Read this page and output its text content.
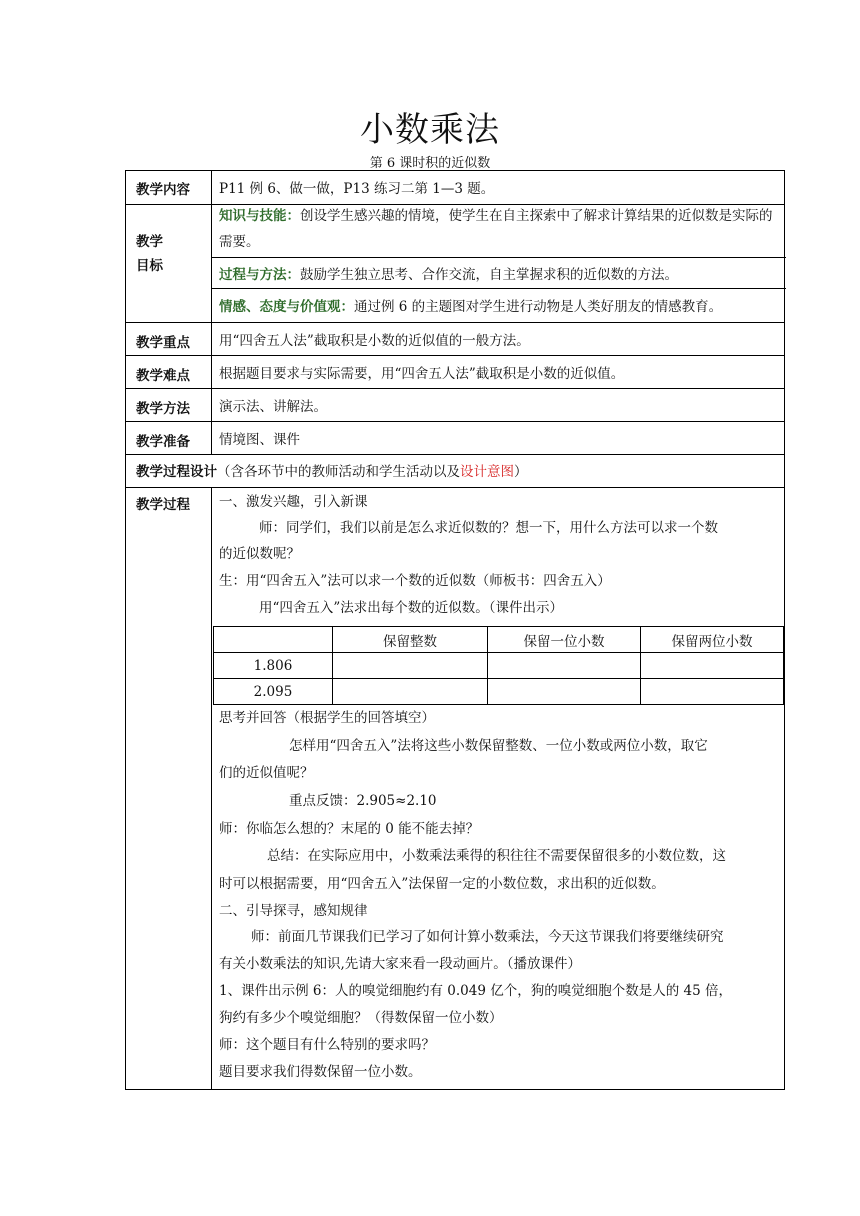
小数乘法
第 6 课时积的近似数
教学内容 P11 例 6、做一做，P13 练习二第 1—3 题。
教学
目标
知识与技能：创设学生感兴趣的情境，使学生在自主探索中了解求计算结果的近似数是实际的需要。
过程与方法：鼓励学生独立思考、合作交流，自主掌握求积的近似数的方法。
情感、态度与价值观：通过例 6 的主题图对学生进行动物是人类好朋友的情感教育。
教学重点 用“四舍五人法”截取积是小数的近似值的一般方法。
教学难点 根据题目要求与实际需要，用“四舍五人法”截取积是小数的近似值。
教学方法 演示法、讲解法。
教学准备 情境图、课件
教学过程设计（含各环节中的教师活动和学生活动以及设计意图）
教学过程 一、激发兴趣，引入新课
师：同学们，我们以前是怎么求近似数的？想一下，用什么方法可以求一个数
的近似数呢？
生：用“四舍五入”法可以求一个数的近似数（师板书：四舍五入）
用“四舍五入”法求出每个数的近似数。（课件出示）
	保留整数	保留一位小数	保留两位小数
1.806			
2.095			
思考并回答（根据学生的回答填空）
怎样用“四舍五入”法将这些小数保留整数、一位小数或两位小数，取它
们的近似值呢？
重点反馈：2.905≈2.10
师：你临怎么想的？末尾的 0 能不能去掉？
总结：在实际应用中，小数乘法乘得的积往往不需要保留很多的小数位数，这
时可以根据需要，用“四舍五入”法保留一定的小数位数，求出积的近似数。
二、引导探寻，感知规律
师：前面几节课我们已学习了如何计算小数乘法，今天这节课我们将要继续研究
有关小数乘法的知识,先请大家来看一段动画片。（播放课件）
1、课件出示例 6：人的嗅觉细胞约有 0.049 亿个，狗的嗅觉细胞个数是人的 45 倍，
狗约有多少个嗅觉细胞？（得数保留一位小数）
师：这个题目有什么特别的要求吗？
题目要求我们得数保留一位小数。
